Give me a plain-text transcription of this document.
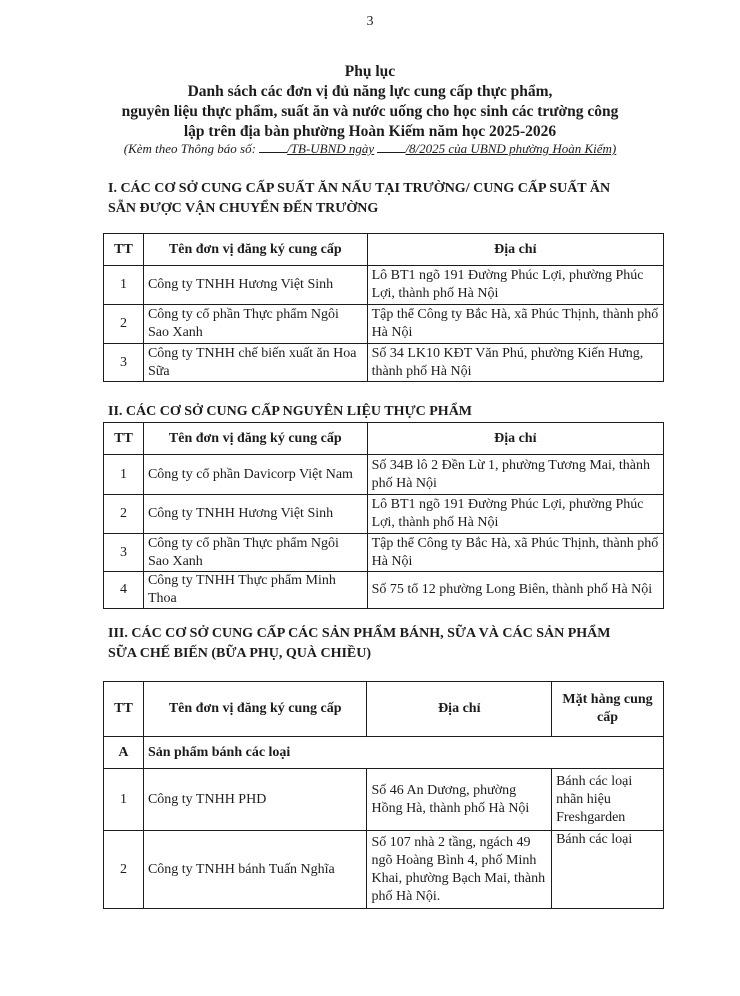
3
Phụ lục
Danh sách các đơn vị đủ năng lực cung cấp thực phẩm,
nguyên liệu thực phẩm, suất ăn và nước uống cho học sinh các trường công
lập trên địa bàn phường Hoàn Kiếm năm học 2025-2026
(Kèm theo Thông báo số: /TB-UBND ngày /8/2025 của UBND phường Hoàn Kiếm)
I. CÁC CƠ SỞ CUNG CẤP SUẤT ĂN NẤU TẠI TRƯỜNG/ CUNG CẤP SUẤT ĂN
SẴN ĐƯỢC VẬN CHUYỂN ĐẾN TRƯỜNG
TT	Tên đơn vị đăng ký cung cấp	Địa chỉ
1	Công ty TNHH Hương Việt Sinh	Lô BT1 ngõ 191 Đường Phúc Lợi, phường Phúc Lợi, thành phố Hà Nội
2	Công ty cổ phần Thực phẩm Ngôi Sao Xanh	Tập thể Công ty Bắc Hà, xã Phúc Thịnh, thành phố Hà Nội
3	Công ty TNHH chế biến xuất ăn Hoa Sữa	Số 34 LK10 KĐT Văn Phú, phường Kiến Hưng, thành phố Hà Nội
II. CÁC CƠ SỞ CUNG CẤP NGUYÊN LIỆU THỰC PHẨM
TT	Tên đơn vị đăng ký cung cấp	Địa chỉ
1	Công ty cổ phần Davicorp Việt Nam	Số 34B lô 2 Đền Lừ 1, phường Tương Mai, thành phố Hà Nội
2	Công ty TNHH Hương Việt Sinh	Lô BT1 ngõ 191 Đường Phúc Lợi, phường Phúc Lợi, thành phố Hà Nội
3	Công ty cổ phần Thực phẩm Ngôi Sao Xanh	Tập thể Công ty Bắc Hà, xã Phúc Thịnh, thành phố Hà Nội
4	Công ty TNHH Thực phẩm Minh Thoa	Số 75 tổ 12 phường Long Biên, thành phố Hà Nội
III. CÁC CƠ SỞ CUNG CẤP CÁC SẢN PHẨM BÁNH, SỮA VÀ CÁC SẢN PHẨM
SỮA CHẾ BIẾN (BỮA PHỤ, QUÀ CHIỀU)
TT	Tên đơn vị đăng ký cung cấp	Địa chỉ	Mặt hàng cung cấp
A	Sản phẩm bánh các loại		
1	Công ty TNHH PHD	Số 46 An Dương, phường Hồng Hà, thành phố Hà Nội	Bánh các loại nhãn hiệu Freshgarden
2	Công ty TNHH bánh Tuấn Nghĩa	Số 107 nhà 2 tầng, ngách 49 ngõ Hoàng Bình 4, phố Minh Khai, phường Bạch Mai, thành phố Hà Nội.	Bánh các loại
